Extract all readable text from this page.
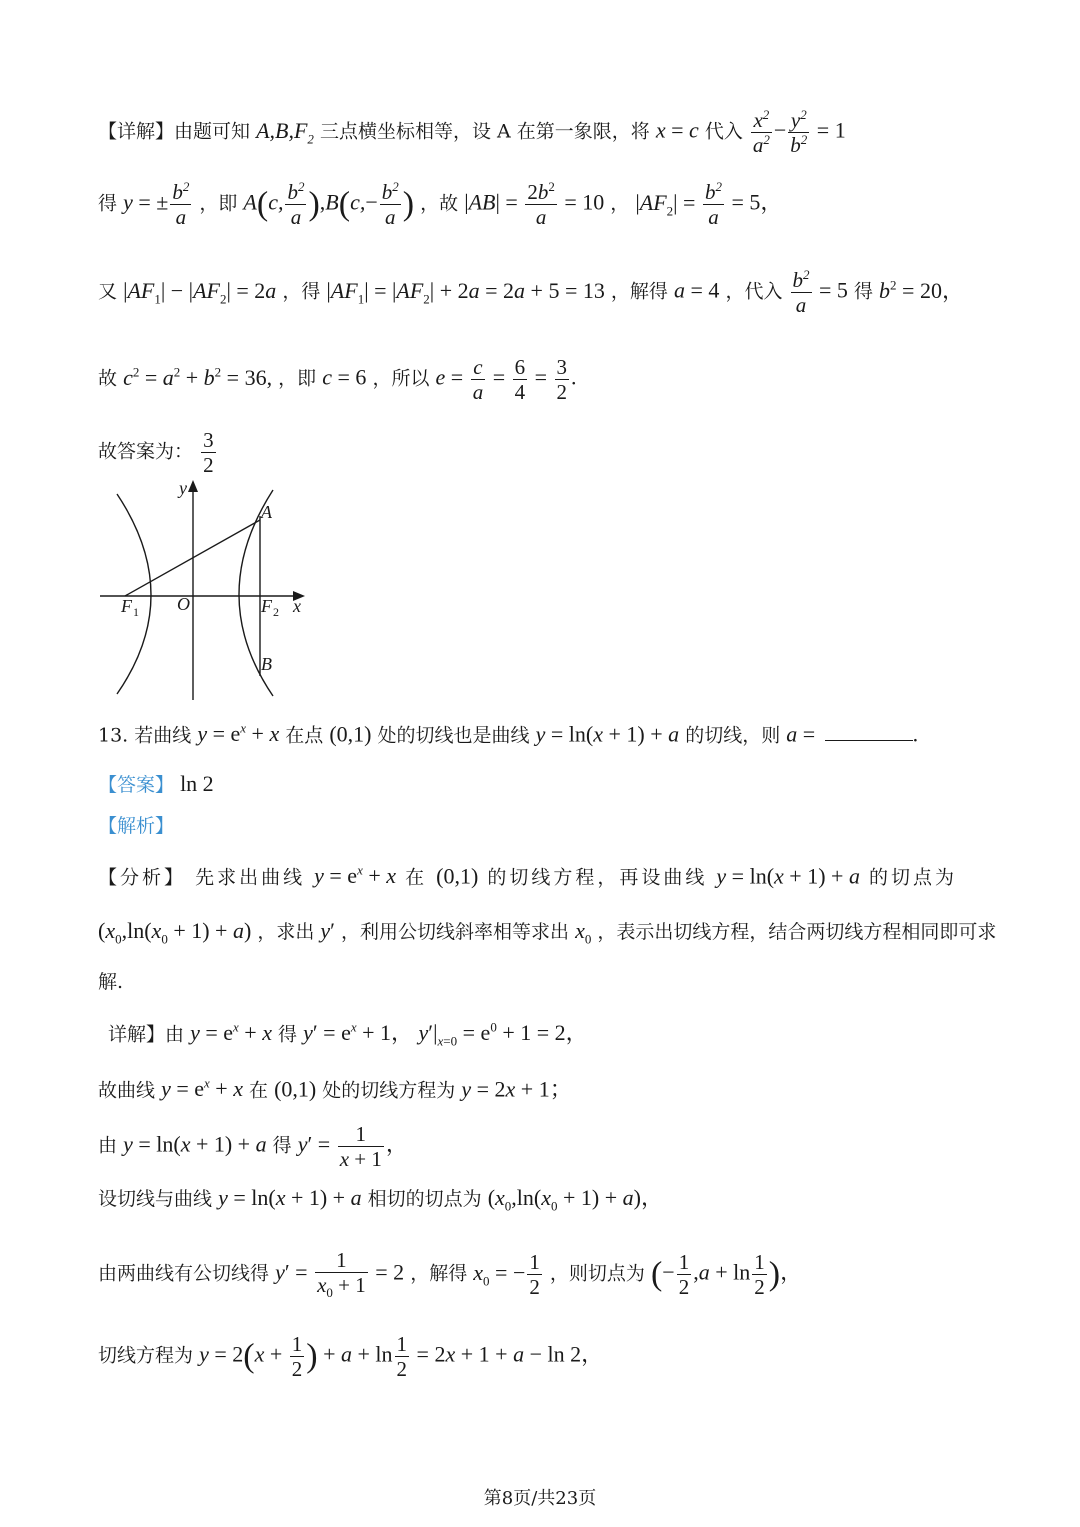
【详解】由题可知 $A,B,F_2$ 三点横坐标相等，设 A 在第一象限，将 x = c 代入 $\frac{x^2}{a^2} - \frac{y^2}{b^2} = 1$
得 y = ± $\frac{b^2}{a}$ ，即 A(c, $\frac{b^2}{a} ),B(c,- \frac{b^2}{a}$ ) ，故 $|AB| = \frac{2b^2}{a} = 10$ ， $|AF_2| = \frac{b^2}{a} = 5$，
又 $|AF_1| - |AF_2| = 2a$ ，得 $|AF_1| = |AF_2| + 2a = 2a + 5 = 13$ ，解得 a = 4 ，代入 $\frac{b^2}{a} = 5$ 得 $b^2 = 20$，
故 $c^2 = a^2 + b^2 = 36$, ，即 c = 6 ，所以 $e = \frac{c}{a} = \frac{6}{4} = \frac{3}{2}$ .
故答案为： $\frac{3}{2}$
y
x
A
B
O
F 1	F 2
13. 若曲线 $y = e^x + x$ 在点 (0,1) 处的切线也是曲线 y = ln(x + 1) + a 的切线，则 a =	.
【答案】 ln 2
【解析】
【分析】 先求出曲线 $y = e^x + x$ 在 (0,1) 的切线方程，再设曲线 y = ln(x + 1) + a 的切点为
$(x_0,\ln(x_0 + 1) + a)$ ，求出 y′ ，利用公切线斜率相等求出 $x_0$ ，表示出切线方程，结合两切线方程相同即可求
解.
详解】由 $y = e^x + x$ 得 $y' = e^x + 1$， $y'|_{x=0} = e^0 + 1 = 2$，
故曲线 $y = e^x + x$ 在 (0,1) 处的切线方程为 y = 2x + 1；
由 y = ln(x + 1) + a 得 $y' = \frac{1}{x + 1}$ ，
设切线与曲线 y = ln(x + 1) + a 相切的切点为 $(x_0,\ln(x_0 + 1) + a)$，
由两曲线有公切线得 $y' = \frac{1}{x_0 + 1} = 2$ ，解得 $x_0$ = − $\frac{1}{2}$ ，则切点为 (− $\frac{1}{2} ,a + \ln \frac{1}{2}$ )，
切线方程为 $y = 2(x + \frac{1}{2}$ ) + $a + \ln \frac{1}{2} = 2x + 1 + a - \ln 2$，
第8页/共23页
